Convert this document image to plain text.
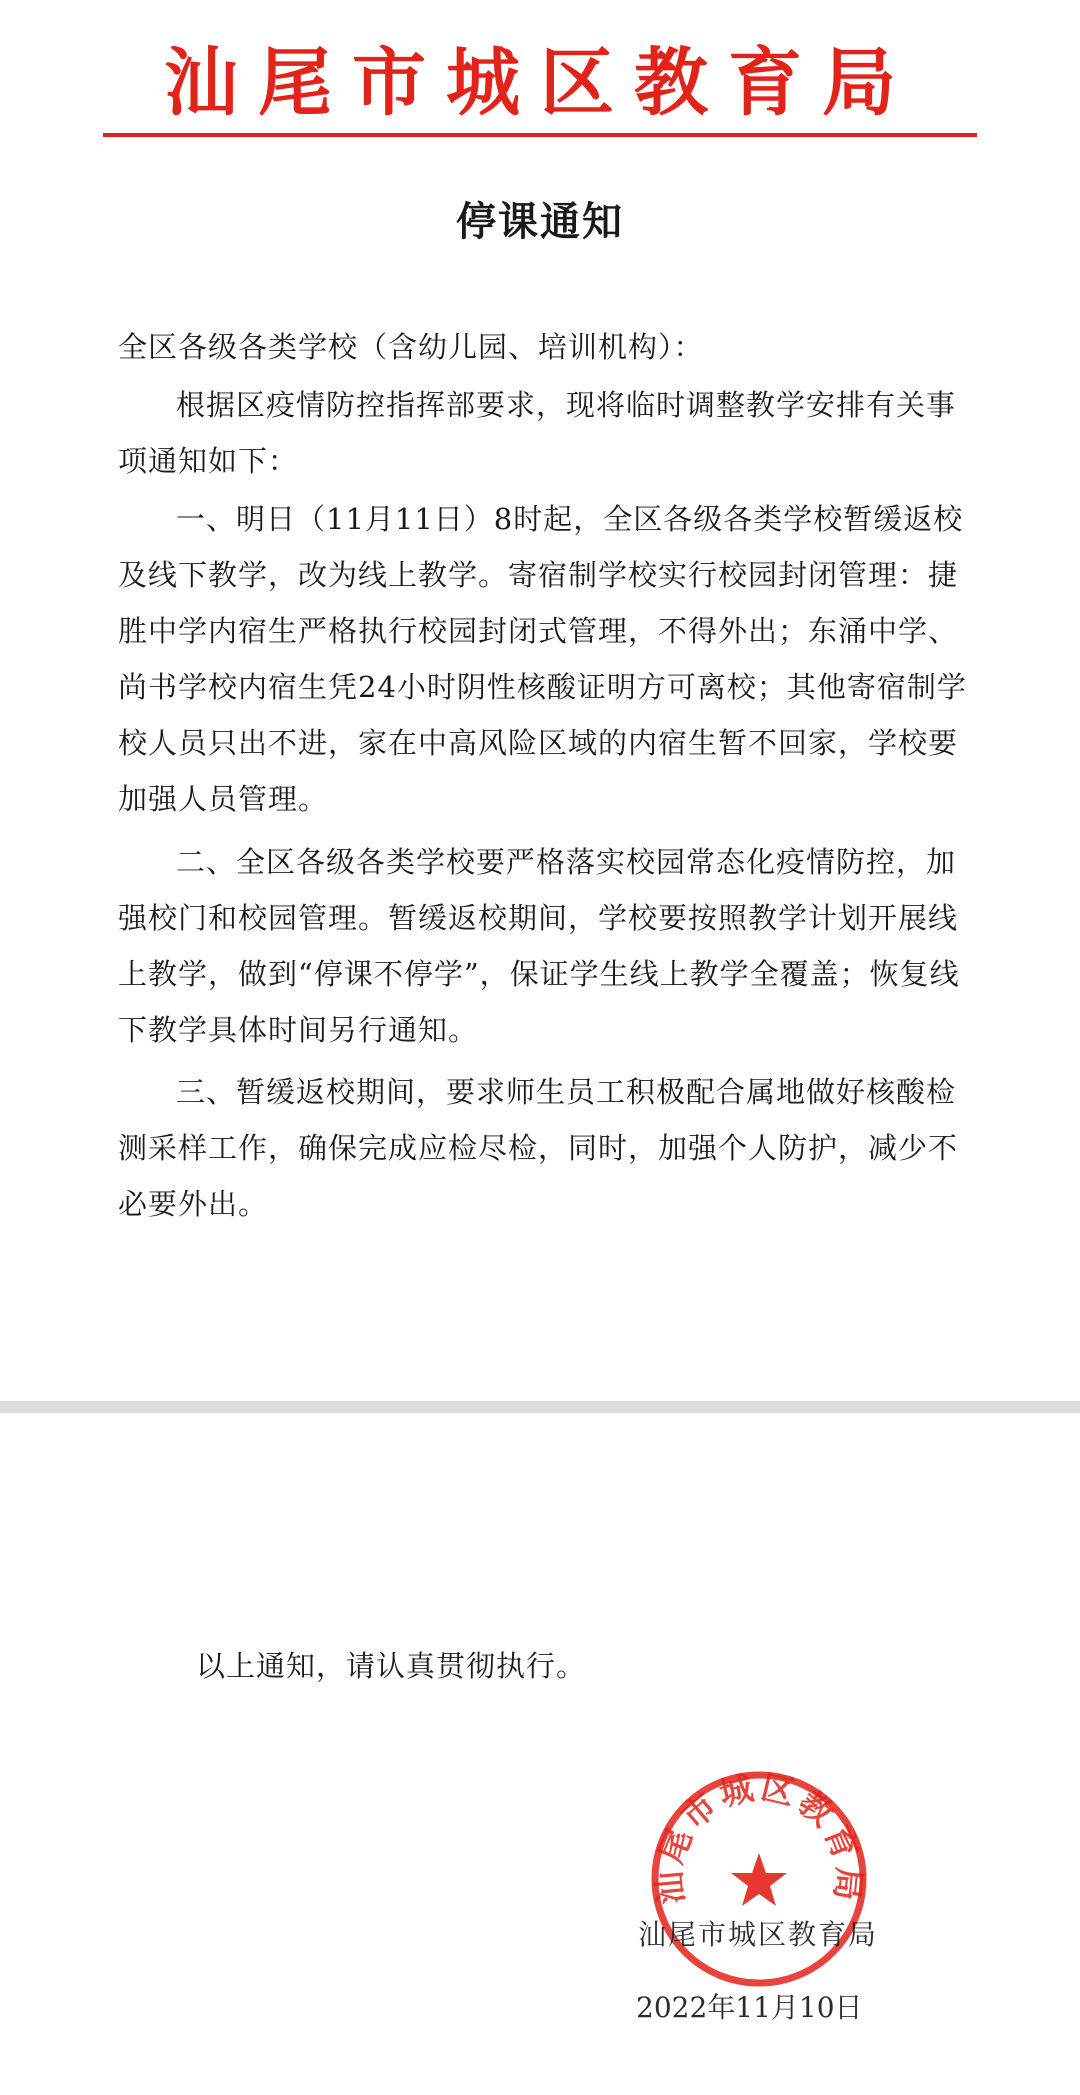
汕尾市城区教育局
停课通知
全区各级各类学校（含幼儿园、培训机构）：
根据区疫情防控指挥部要求，现将临时调整教学安排有关事项通知如下：
一、明日（11月11日）8时起，全区各级各类学校暂缓返校及线下教学，改为线上教学。寄宿制学校实行校园封闭管理：捷胜中学内宿生严格执行校园封闭式管理，不得外出；东涌中学、尚书学校内宿生凭24小时阴性核酸证明方可离校；其他寄宿制学校人员只出不进，家在中高风险区域的内宿生暂不回家，学校要加强人员管理。
二、全区各级各类学校要严格落实校园常态化疫情防控，加强校门和校园管理。暂缓返校期间，学校要按照教学计划开展线上教学，做到“停课不停学”，保证学生线上教学全覆盖；恢复线下教学具体时间另行通知。
三、暂缓返校期间，要求师生员工积极配合属地做好核酸检测采样工作，确保完成应检尽检，同时，加强个人防护，减少不必要外出。
以上通知，请认真贯彻执行。
汕尾市城区教育局
汕尾市城区教育局
2022年11月10日
